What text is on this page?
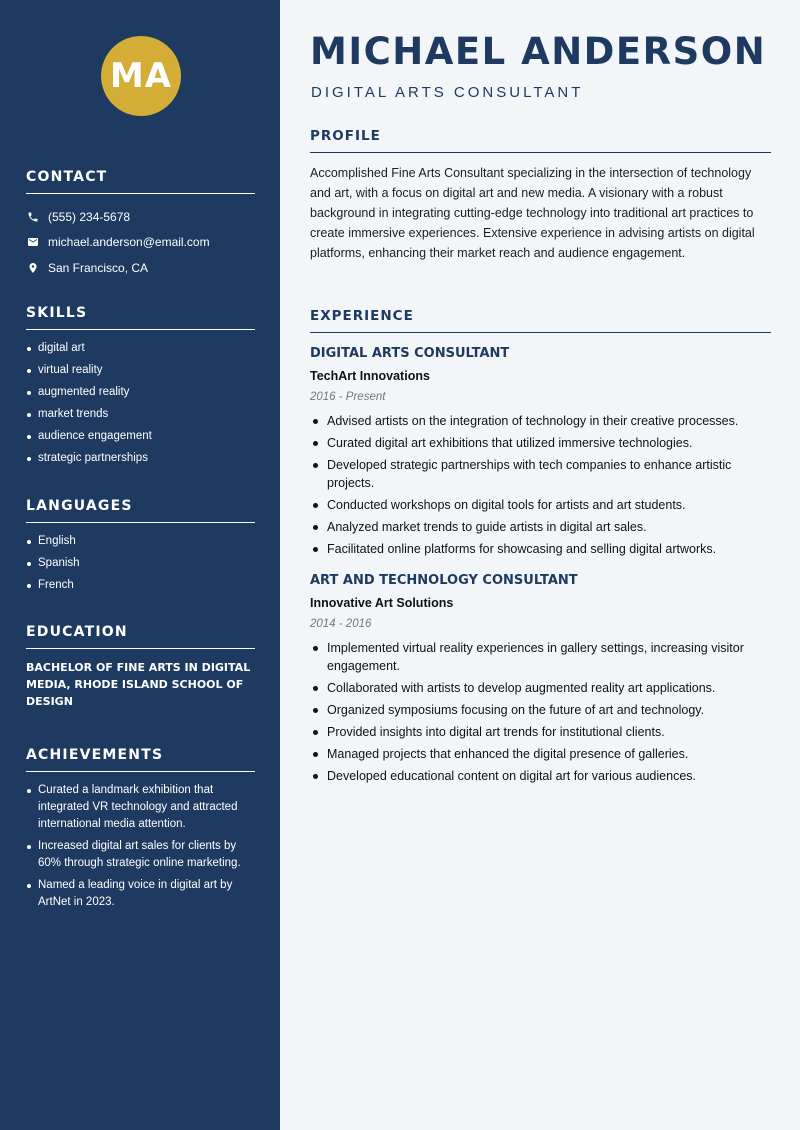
MA
CONTACT
(555) 234-5678
michael.anderson@email.com
San Francisco, CA
SKILLS
digital art
virtual reality
augmented reality
market trends
audience engagement
strategic partnerships
LANGUAGES
English
Spanish
French
EDUCATION
BACHELOR OF FINE ARTS IN DIGITAL MEDIA, RHODE ISLAND SCHOOL OF DESIGN
ACHIEVEMENTS
Curated a landmark exhibition that integrated VR technology and attracted international media attention.
Increased digital art sales for clients by 60% through strategic online marketing.
Named a leading voice in digital art by ArtNet in 2023.
MICHAEL ANDERSON
DIGITAL ARTS CONSULTANT
PROFILE

Accomplished Fine Arts Consultant specializing in the intersection of technology and art, with a focus on digital art and new media. A visionary with a robust background in integrating cutting-edge technology into traditional art practices to create immersive experiences. Extensive experience in advising artists on digital platforms, enhancing their market reach and audience engagement.

EXPERIENCE
DIGITAL ARTS CONSULTANT
TechArt Innovations
2016 - Present
Advised artists on the integration of technology in their creative processes.
Curated digital art exhibitions that utilized immersive technologies.
Developed strategic partnerships with tech companies to enhance artistic projects.
Conducted workshops on digital tools for artists and art students.
Analyzed market trends to guide artists in digital art sales.
Facilitated online platforms for showcasing and selling digital artworks.
ART AND TECHNOLOGY CONSULTANT
Innovative Art Solutions
2014 - 2016
Implemented virtual reality experiences in gallery settings, increasing visitor engagement.
Collaborated with artists to develop augmented reality art applications.
Organized symposiums focusing on the future of art and technology.
Provided insights into digital art trends for institutional clients.
Managed projects that enhanced the digital presence of galleries.
Developed educational content on digital art for various audiences.
